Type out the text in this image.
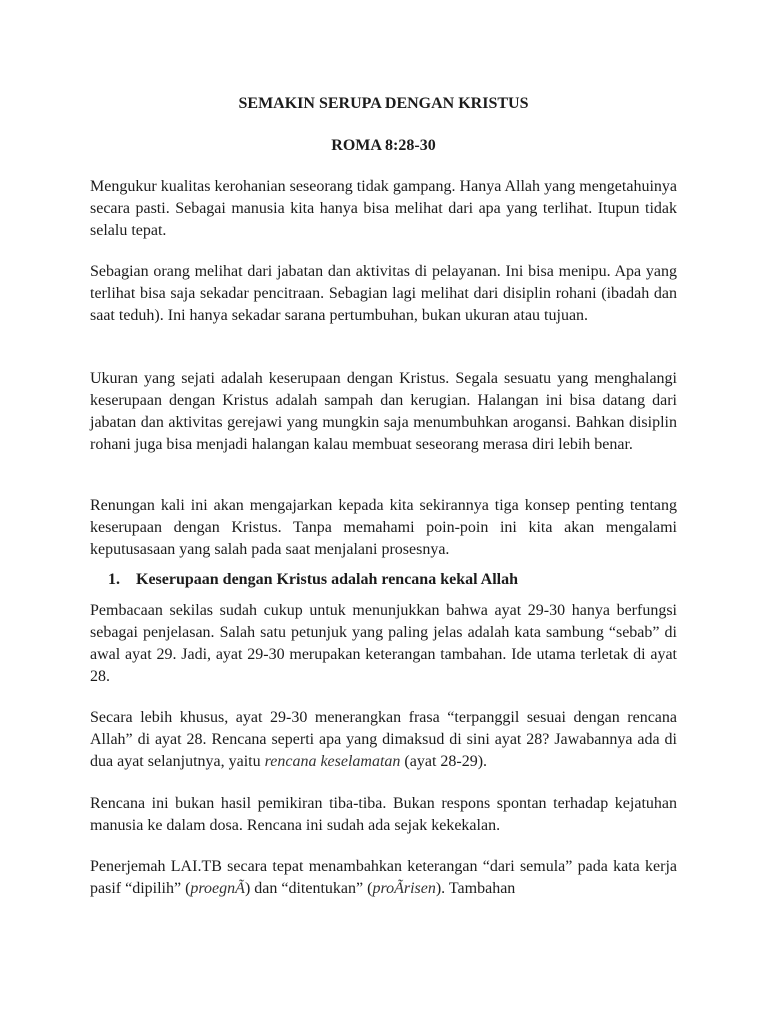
SEMAKIN SERUPA DENGAN KRISTUS
ROMA 8:28-30

Mengukur kualitas kerohanian seseorang tidak gampang. Hanya Allah yang mengetahuinya secara pasti. Sebagai manusia kita hanya bisa melihat dari apa yang terlihat. Itupun tidak selalu tepat.

Sebagian orang melihat dari jabatan dan aktivitas di pelayanan. Ini bisa menipu. Apa yang terlihat bisa saja sekadar pencitraan. Sebagian lagi melihat dari disiplin rohani (ibadah dan saat teduh). Ini hanya sekadar sarana pertumbuhan, bukan ukuran atau tujuan.

Ukuran yang sejati adalah keserupaan dengan Kristus. Segala sesuatu yang menghalangi keserupaan dengan Kristus adalah sampah dan kerugian. Halangan ini bisa datang dari jabatan dan aktivitas gerejawi yang mungkin saja menumbuhkan arogansi. Bahkan disiplin rohani juga bisa menjadi halangan kalau membuat seseorang merasa diri lebih benar.

Renungan kali ini akan mengajarkan kepada kita sekirannya tiga konsep penting tentang keserupaan dengan Kristus. Tanpa memahami poin-poin ini kita akan mengalami keputusasaan yang salah pada saat menjalani prosesnya.

1. Keserupaan dengan Kristus adalah rencana kekal Allah

Pembacaan sekilas sudah cukup untuk menunjukkan bahwa ayat 29-30 hanya berfungsi sebagai penjelasan. Salah satu petunjuk yang paling jelas adalah kata sambung “sebab” di awal ayat 29. Jadi, ayat 29-30 merupakan keterangan tambahan. Ide utama terletak di ayat 28.

Secara lebih khusus, ayat 29-30 menerangkan frasa “terpanggil sesuai dengan rencana Allah” di ayat 28. Rencana seperti apa yang dimaksud di sini ayat 28? Jawabannya ada di dua ayat selanjutnya, yaitu rencana keselamatan (ayat 28-29).

Rencana ini bukan hasil pemikiran tiba-tiba. Bukan respons spontan terhadap kejatuhan manusia ke dalam dosa. Rencana ini sudah ada sejak kekekalan.

Penerjemah LAI.TB secara tepat menambahkan keterangan “dari semula” pada kata kerja pasif “dipilih” (proegnÃ) dan “ditentukan” (proÃrisen). Tambahan
